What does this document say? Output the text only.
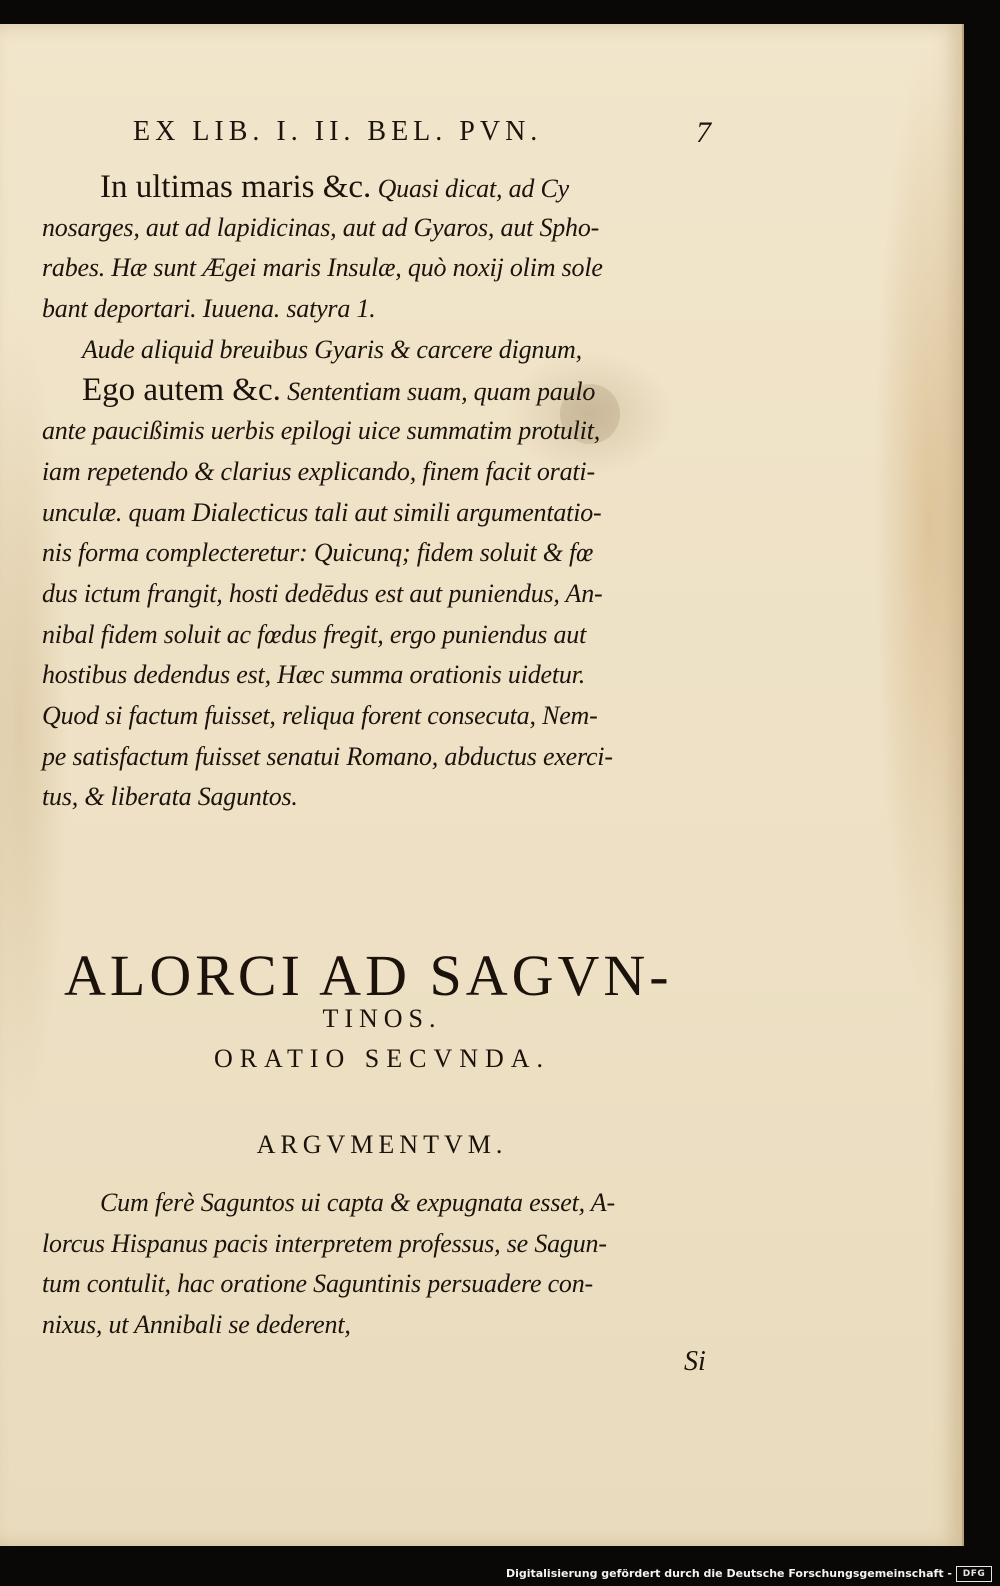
EX LIB. I. II. BEL. PVN.	7
In ultimas maris &c. Quasi dicat, ad Cy
nosarges, aut ad lapidicinas, aut ad Gyaros, aut Spho-
rabes. Hæ sunt Ægei maris Insulæ, quò noxij olim sole
bant deportari. Iuuena. satyra 1.
Aude aliquid breuibus Gyaris & carcere dignum,
Ego autem &c. Sententiam suam, quam paulo
ante paucißimis uerbis epilogi uice summatim protulit,
iam repetendo & clarius explicando, finem facit orati-
unculæ. quam Dialecticus tali aut simili argumentatio-
nis forma complecteretur: Quicunq; fidem soluit & fœ
dus ictum frangit, hosti dedēdus est aut puniendus, An-
nibal fidem soluit ac fœdus fregit, ergo puniendus aut
hostibus dedendus est, Hæc summa orationis uidetur.
Quod si factum fuisset, reliqua forent consecuta, Nem-
pe satisfactum fuisset senatui Romano, abductus exerci-
tus, & liberata Saguntos.
ALORCI AD SAGVN-
TINOS.
ORATIO SECVNDA.
ARGVMENTVM.
Cum ferè Saguntos ui capta & expugnata esset, A-
lorcus Hispanus pacis interpretem professus, se Sagun-
tum contulit, hac oratione Saguntinis persuadere con-
nixus, ut Annibali se dederent,
Si
Digitalisierung gefördert durch die Deutsche Forschungsgemeinschaft -	DFG
